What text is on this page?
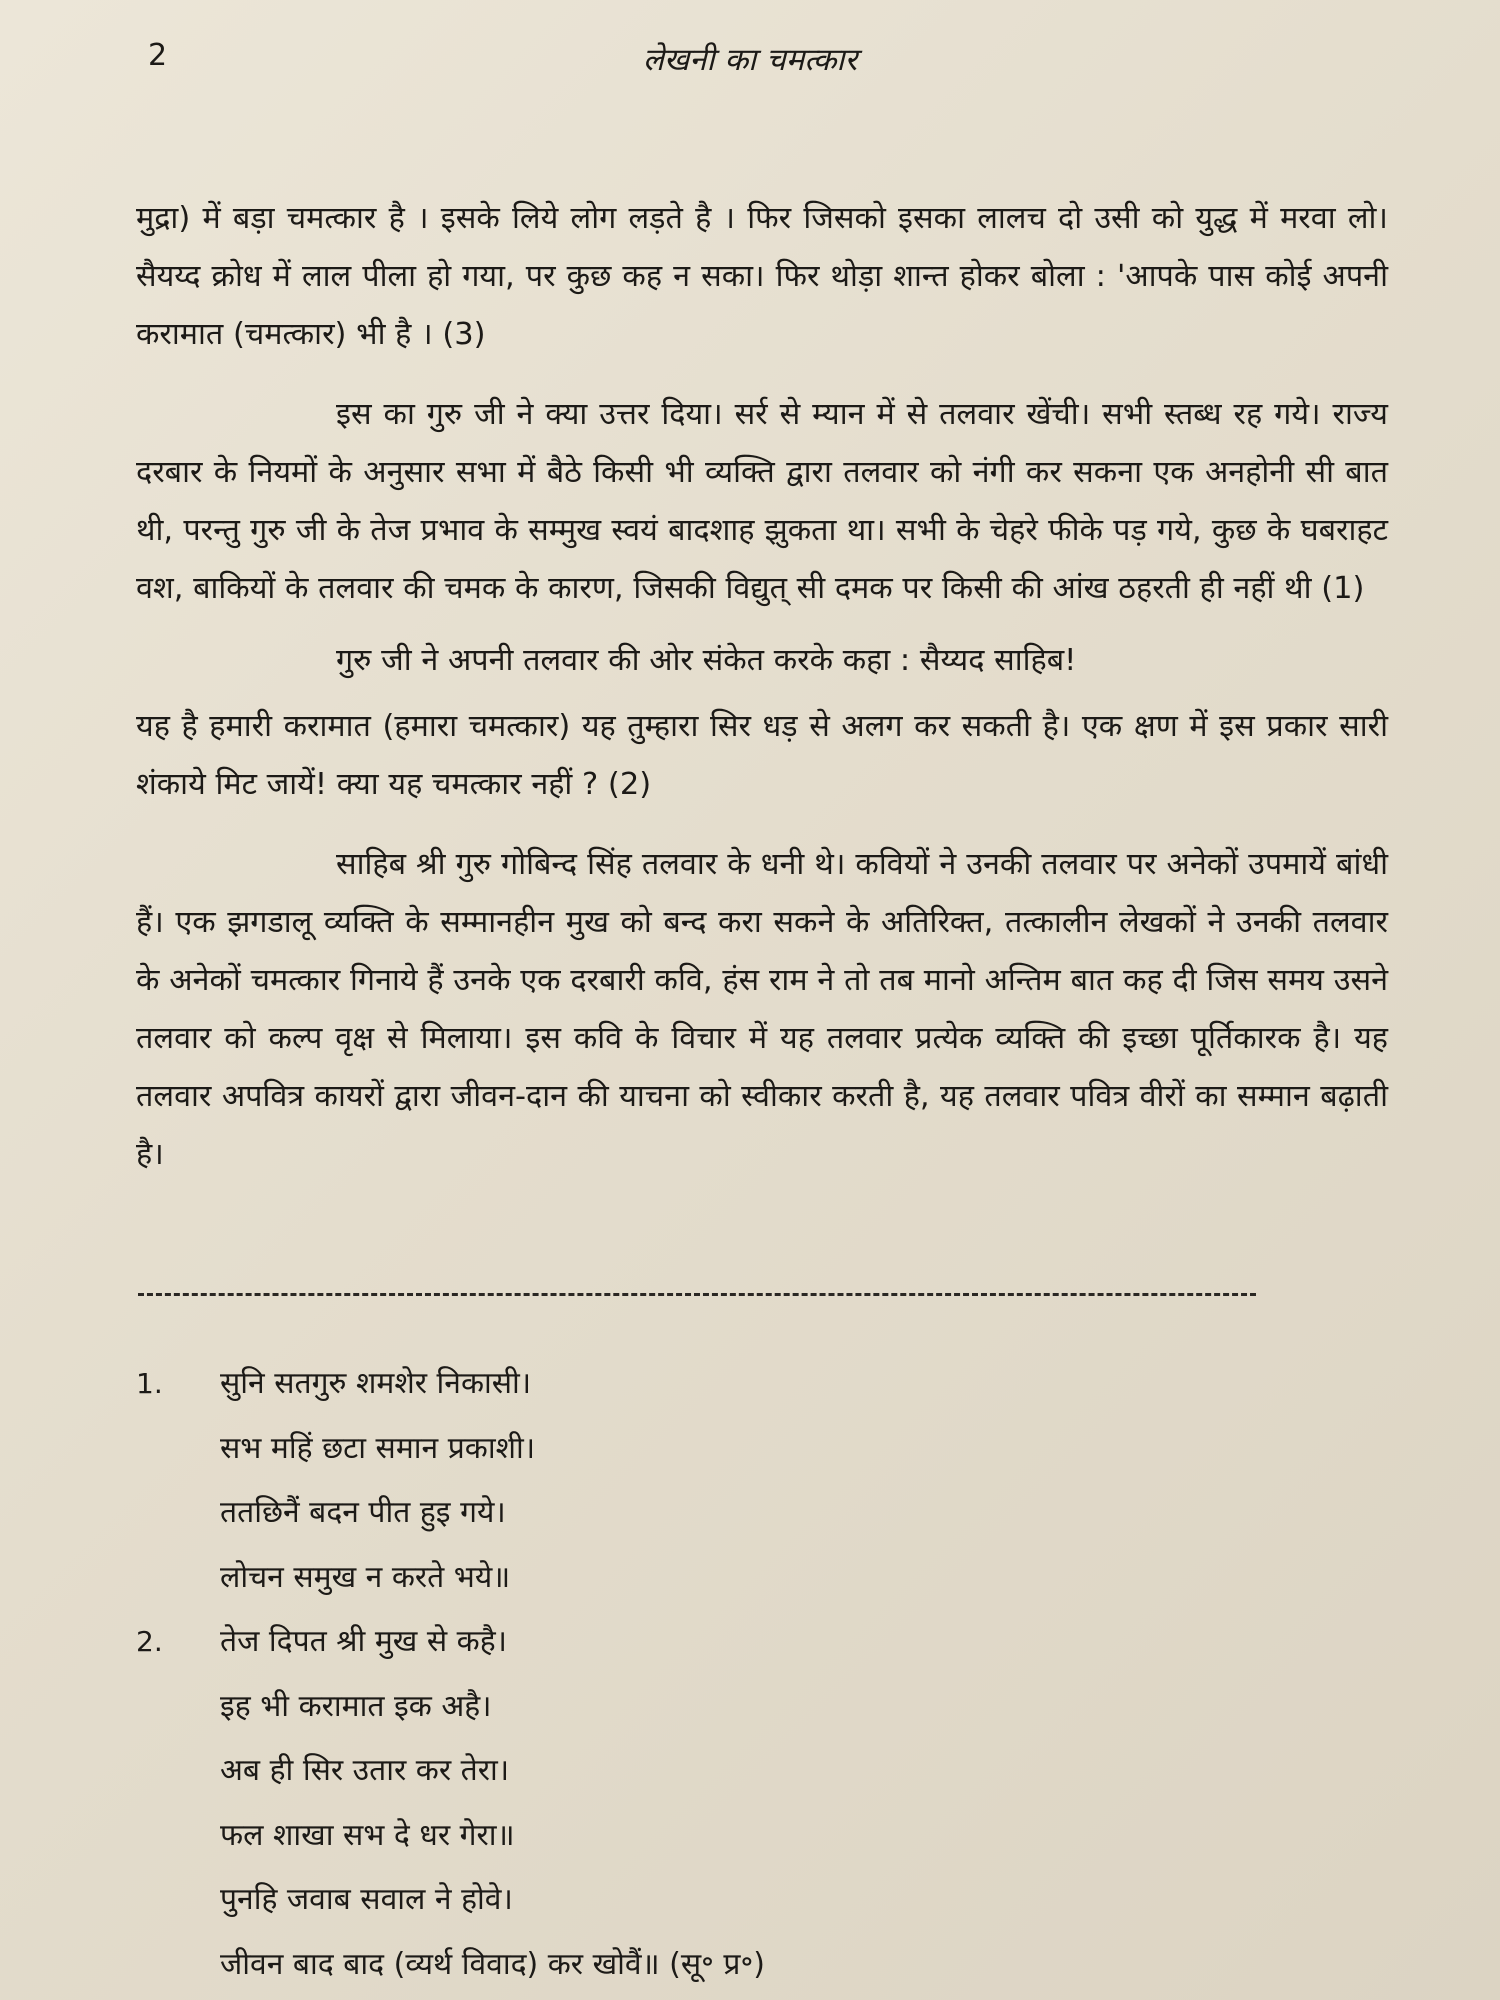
2	लेखनी का चमत्कार

मुद्रा) में बड़ा चमत्कार है । इसके लिये लोग लड़ते है । फिर जिसको इसका लालच दो उसी को युद्ध में मरवा लो। सैयय्द क्रोध में लाल पीला हो गया, पर कुछ कह न सका। फिर थोड़ा शान्त होकर बोला : 'आपके पास कोई अपनी करामात (चमत्कार) भी है । (3)

इस का गुरु जी ने क्या उत्तर दिया। सर्र से म्यान में से तलवार खेंची। सभी स्तब्ध रह गये। राज्य दरबार के नियमों के अनुसार सभा में बैठे किसी भी व्यक्ति द्वारा तलवार को नंगी कर सकना एक अनहोनी सी बात थी, परन्तु गुरु जी के तेज प्रभाव के सम्मुख स्वयं बादशाह झुकता था। सभी के चेहरे फीके पड़ गये, कुछ के घबराहट वश, बाकियों के तलवार की चमक के कारण, जिसकी विद्युत् सी दमक पर किसी की आंख ठहरती ही नहीं थी (1)

गुरु जी ने अपनी तलवार की ओर संकेत करके कहा : सैय्यद साहिब!

यह है हमारी करामात (हमारा चमत्कार) यह तुम्हारा सिर धड़ से अलग कर सकती है। एक क्षण में इस प्रकार सारी शंकाये मिट जायें! क्या यह चमत्कार नहीं ? (2)

साहिब श्री गुरु गोबिन्द सिंह तलवार के धनी थे। कवियों ने उनकी तलवार पर अनेकों उपमायें बांधी हैं। एक झगडालू व्यक्ति के सम्मानहीन मुख को बन्द करा सकने के अतिरिक्त, तत्कालीन लेखकों ने उनकी तलवार के अनेकों चमत्कार गिनाये हैं उनके एक दरबारी कवि, हंस राम ने तो तब मानो अन्तिम बात कह दी जिस समय उसने तलवार को कल्प वृक्ष से मिलाया। इस कवि के विचार में यह तलवार प्रत्येक व्यक्ति की इच्छा पूर्तिकारक है। यह तलवार अपवित्र कायरों द्वारा जीवन-दान की याचना को स्वीकार करती है, यह तलवार पवित्र वीरों का सम्मान बढ़ाती है।

1. सुनि सतगुरु शमशेर निकासी।
सभ महिं छटा समान प्रकाशी।
ततछिनैं बदन पीत हुइ गये।
लोचन समुख न करते भये॥
2. तेज दिपत श्री मुख से कहै।
इह भी करामात इक अहै।
अब ही सिर उतार कर तेरा।
फल शाखा सभ दे धर गेरा॥
पुनहि जवाब सवाल ने होवे।
जीवन बाद बाद (व्यर्थ विवाद) कर खोवैं॥ (सू॰ प्र॰)
